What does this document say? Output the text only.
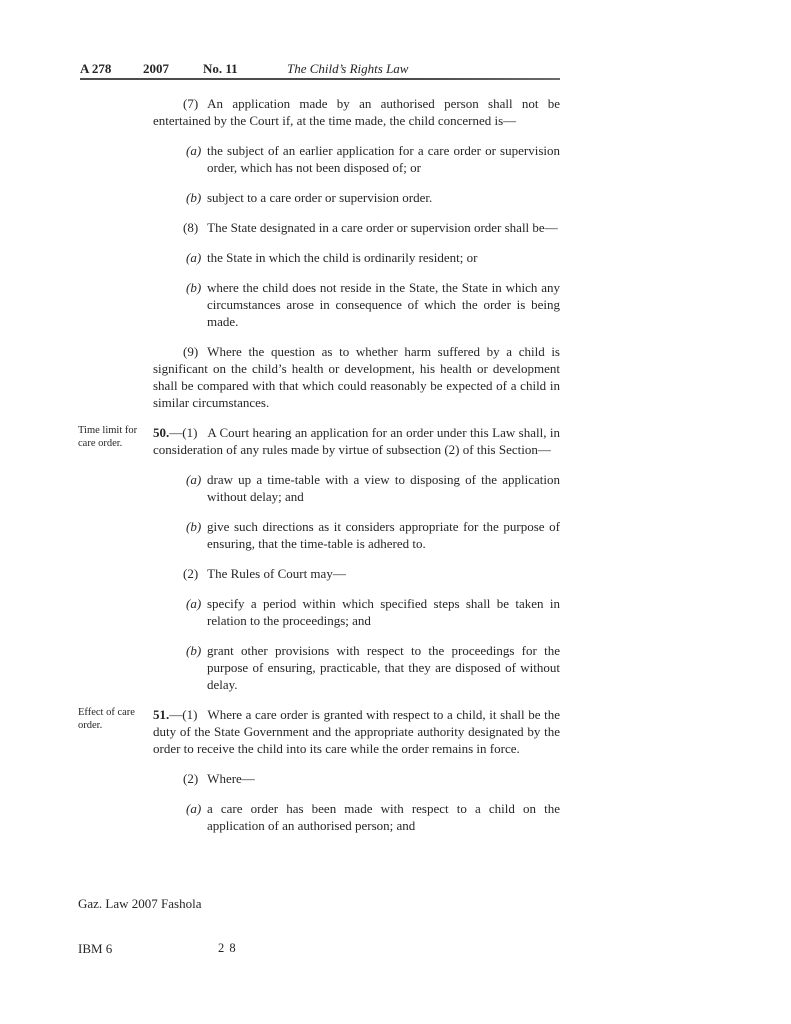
A 278 2007	No. 11	The Child’s Rights Law

(7) An application made by an authorised person shall not be entertained by the Court if, at the time made, the child concerned is—

(a) the subject of an earlier application for a care order or supervision order, which has not been disposed of; or
(b) subject to a care order or supervision order.

(8) The State designated in a care order or supervision order shall be—

(a) the State in which the child is ordinarily resident; or
(b) where the child does not reside in the State, the State in which any circumstances arose in consequence of which the order is being made.

(9) Where the question as to whether harm suffered by a child is significant on the child’s health or development, his health or development shall be compared with that which could reasonably be expected of a child in similar circumstances.

Time limit for care order.
50.—(1) A Court hearing an application for an order under this Law shall, in consideration of any rules made by virtue of subsection (2) of this Section—

(a) draw up a time-table with a view to disposing of the application without delay; and
(b) give such directions as it considers appropriate for the purpose of ensuring, that the time-table is adhered to.

(2) The Rules of Court may—

(a) specify a period within which specified steps shall be taken in relation to the proceedings; and
(b) grant other provisions with respect to the proceedings for the purpose of ensuring, practicable, that they are disposed of without delay.

Effect of care order.
51.—(1) Where a care order is granted with respect to a child, it shall be the duty of the State Government and the appropriate authority designated by the order to receive the child into its care while the order remains in force.

(2) Where—

(a) a care order has been made with respect to a child on the application of an authorised person; and
Gaz. Law 2007 Fashola
IBM 6	2 8
